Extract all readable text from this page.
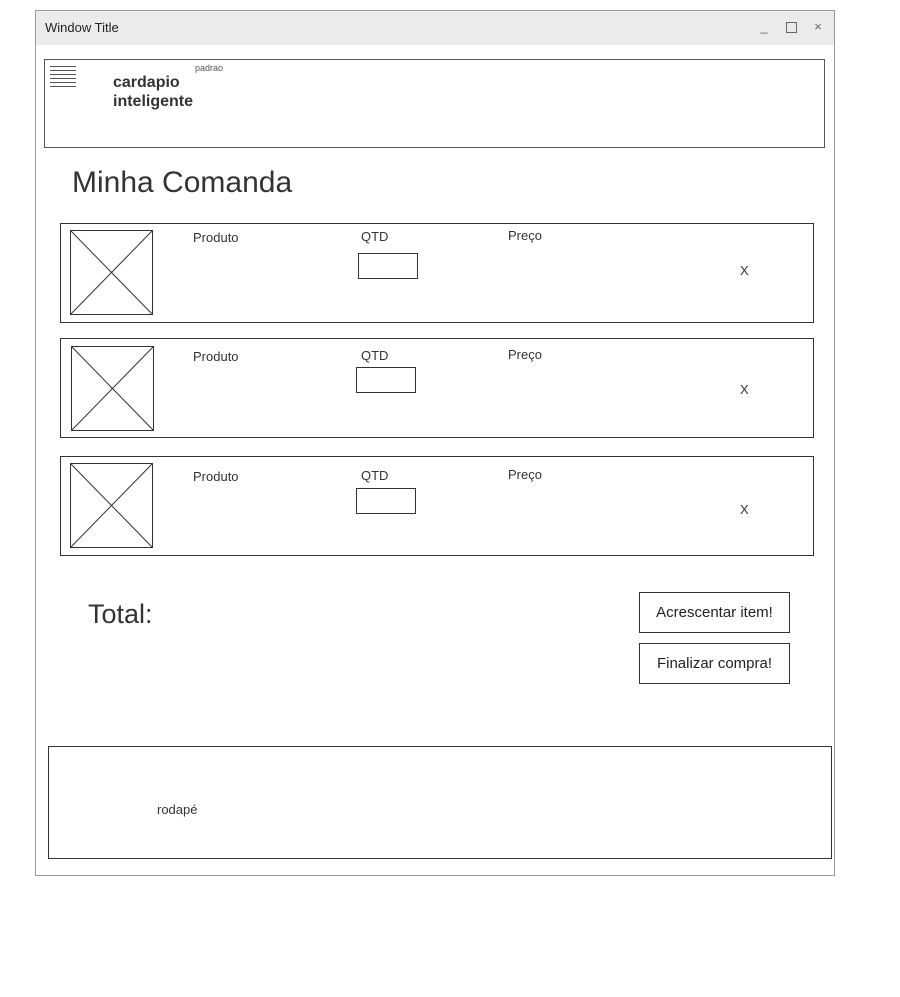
Window Title	_	×
cardapio
inteligente
padrao
Minha Comanda
Produto	QTD	Preço
X
Produto	QTD	Preço
X
Produto	QTD	Preço
X
Total:	Acrescentar item!
Finalizar compra!
rodapé
